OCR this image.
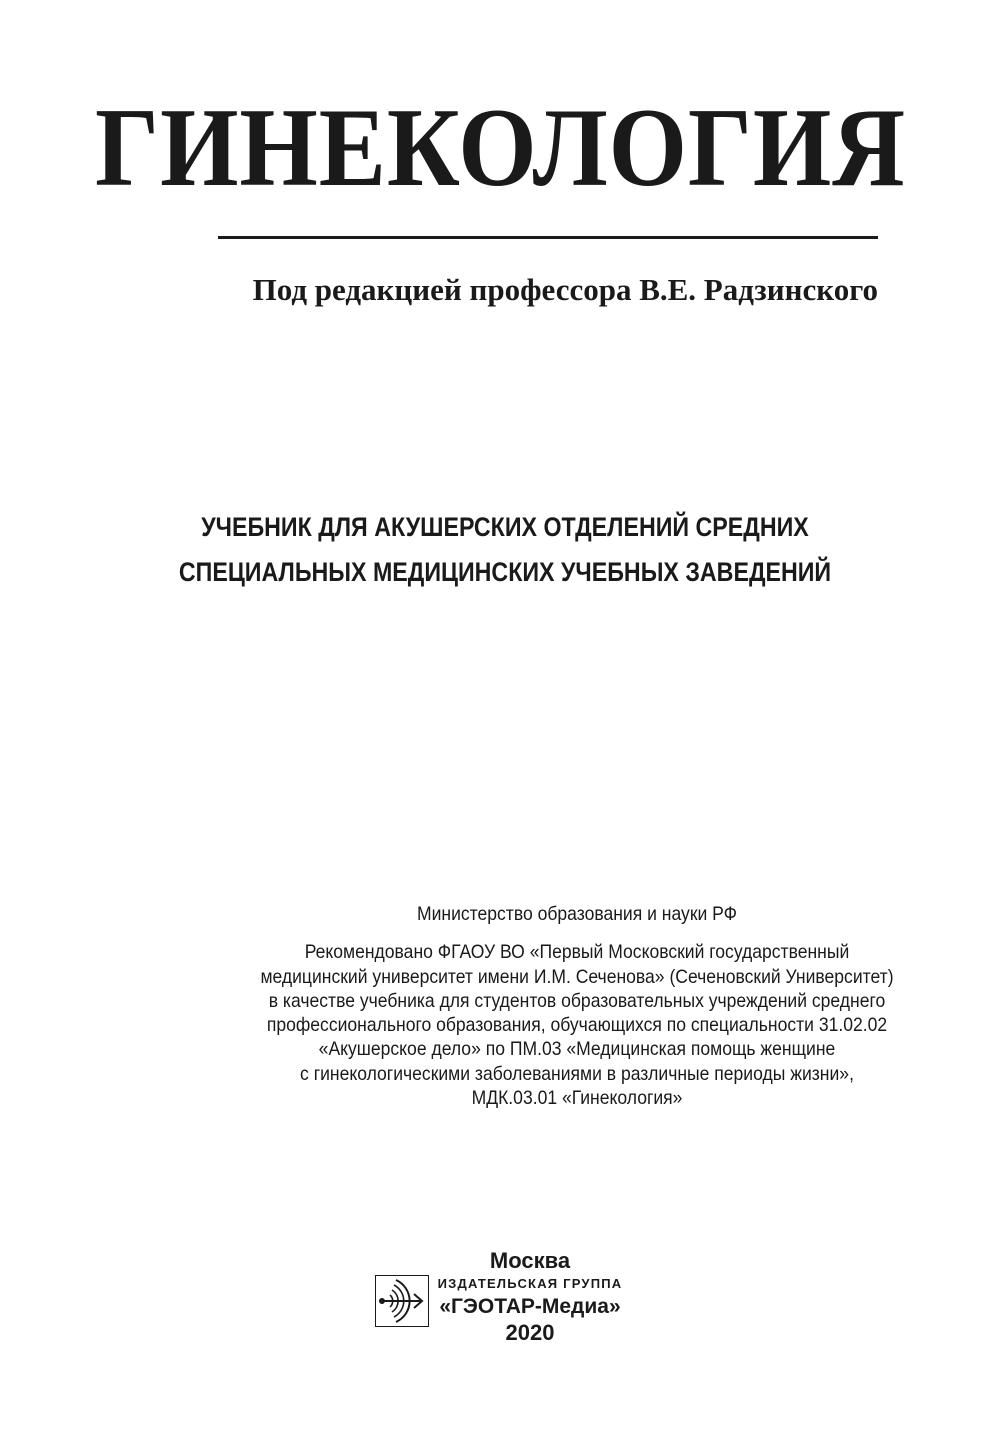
ГИНЕКОЛОГИЯ
Под редакцией профессора В.Е. Радзинского
УЧЕБНИК ДЛЯ АКУШЕРСКИХ ОТДЕЛЕНИЙ СРЕДНИХ
СПЕЦИАЛЬНЫХ МЕДИЦИНСКИХ УЧЕБНЫХ ЗАВЕДЕНИЙ
Министерство образования и науки РФ
Рекомендовано ФГАОУ ВО «Первый Московский государственный
медицинский университет имени И.М. Сеченова» (Сеченовский Университет)
в качестве учебника для студентов образовательных учреждений среднего
профессионального образования, обучающихся по специальности 31.02.02
«Акушерское дело» по ПМ.03 «Медицинская помощь женщине
с гинекологическими заболеваниями в различные периоды жизни»,
МДК.03.01 «Гинекология»
Москва
ИЗДАТЕЛЬСКАЯ ГРУППА
«ГЭОТАР-Медиа»
2020
